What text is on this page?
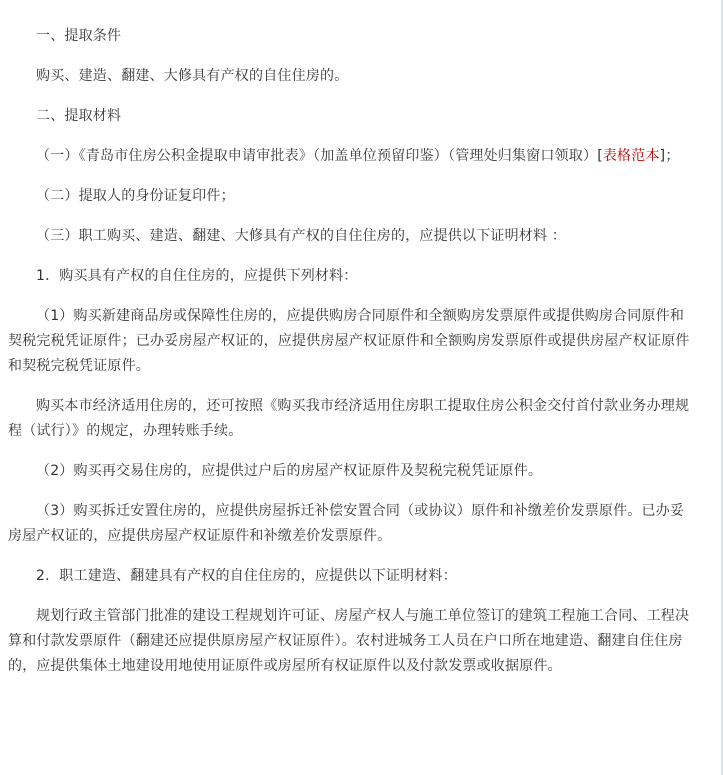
一、提取条件

购买、建造、翻建、大修具有产权的自住住房的。

二、提取材料

（一）《青岛市住房公积金提取申请审批表》（加盖单位预留印鉴）（管理处归集窗口领取）[表格范本]；

（二）提取人的身份证复印件；

（三）职工购买、建造、翻建、大修具有产权的自住住房的，应提供以下证明材料 ：

1．购买具有产权的自住住房的，应提供下列材料：

（1）购买新建商品房或保障性住房的，应提供购房合同原件和全额购房发票原件或提供购房合同原件和契税完税凭证原件；已办妥房屋产权证的，应提供房屋产权证原件和全额购房发票原件或提供房屋产权证原件和契税完税凭证原件。

购买本市经济适用住房的，还可按照《购买我市经济适用住房职工提取住房公积金交付首付款业务办理规程（试行）》的规定，办理转账手续。

（2）购买再交易住房的，应提供过户后的房屋产权证原件及契税完税凭证原件。

（3）购买拆迁安置住房的，应提供房屋拆迁补偿安置合同（或协议）原件和补缴差价发票原件。已办妥房屋产权证的，应提供房屋产权证原件和补缴差价发票原件。

2．职工建造、翻建具有产权的自住住房的，应提供以下证明材料：

规划行政主管部门批准的建设工程规划许可证、房屋产权人与施工单位签订的建筑工程施工合同、工程决算和付款发票原件（翻建还应提供原房屋产权证原件）。农村进城务工人员在户口所在地建造、翻建自住住房的，应提供集体土地建设用地使用证原件或房屋所有权证原件以及付款发票或收据原件。
